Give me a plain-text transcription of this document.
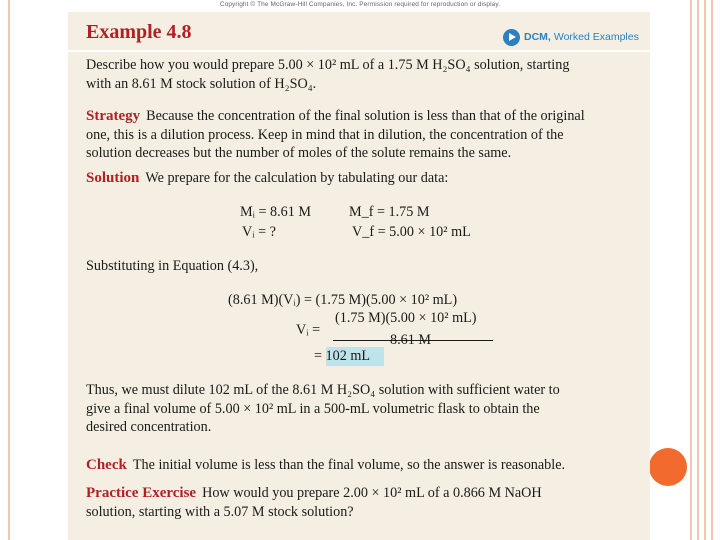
Copyright © The McGraw-Hill Companies, Inc. Permission required for reproduction or display.
Example 4.8	DCM, Worked Examples
Describe how you would prepare 5.00 × 10² mL of a 1.75 M H₂SO₄ solution, starting
with an 8.61 M stock solution of H₂SO₄.
Strategy Because the concentration of the final solution is less than that of the original
one, this is a dilution process. Keep in mind that in dilution, the concentration of the
solution decreases but the number of moles of the solute remains the same.
Solution We prepare for the calculation by tabulating our data:
Mᵢ = 8.61 M	M_f = 1.75 M
Vᵢ = ?	V_f = 5.00 × 10² mL
Substituting in Equation (4.3),
(8.61 M)(Vᵢ) = (1.75 M)(5.00 × 10² mL)
Vᵢ =
(1.75 M)(5.00 × 10² mL)
8.61 M
= 102 mL
Thus, we must dilute 102 mL of the 8.61 M H₂SO₄ solution with sufficient water to
give a final volume of 5.00 × 10² mL in a 500-mL volumetric flask to obtain the
desired concentration.
Check The initial volume is less than the final volume, so the answer is reasonable.
Practice Exercise How would you prepare 2.00 × 10² mL of a 0.866 M NaOH
solution, starting with a 5.07 M stock solution?
